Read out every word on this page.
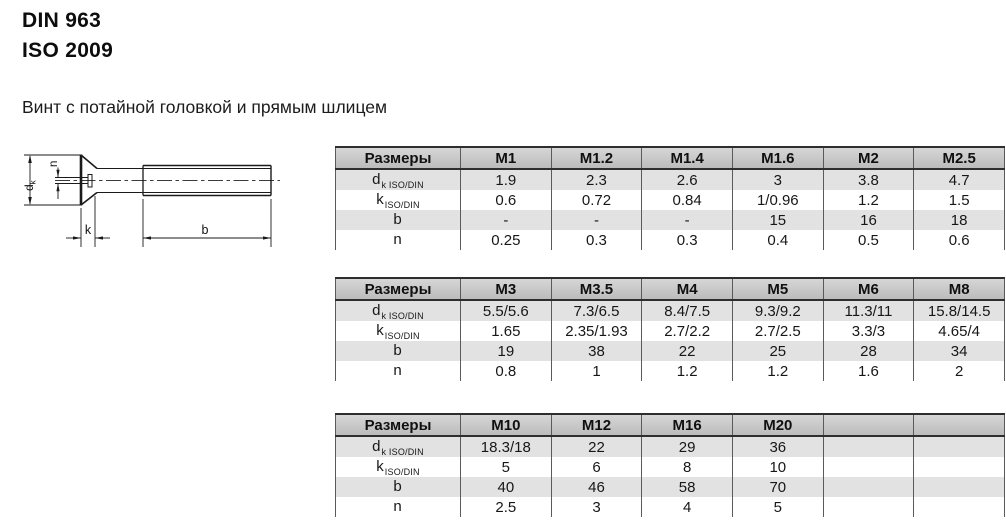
DIN 963
ISO 2009
Винт с потайной головкой и прямым шлицем
$d_k$
n
k	b
Размеры	M1	M1.2	M1.4	M1.6	M2	M2.5
$d_{k ISO/DIN}$	1.9	2.3	2.6	3	3.8	4.7
$k_{ISO/DIN}$	0.6	0.72	0.84	1/0.96	1.2	1.5
b	-	-	-	15	16	18
n	0.25	0.3	0.3	0.4	0.5	0.6
Размеры	M3	M3.5	M4	M5	M6	M8
$d_{k ISO/DIN}$	5.5/5.6	7.3/6.5	8.4/7.5	9.3/9.2	11.3/11	15.8/14.5
$k_{ISO/DIN}$	1.65	2.35/1.93	2.7/2.2	2.7/2.5	3.3/3	4.65/4
b	19	38	22	25	28	34
n	0.8	1	1.2	1.2	1.6	2
Размеры	M10	M12	M16	M20		
$d_{k ISO/DIN}$	18.3/18	22	29	36		
$k_{ISO/DIN}$	5	6	8	10		
b	40	46	58	70		
n	2.5	3	4	5		
